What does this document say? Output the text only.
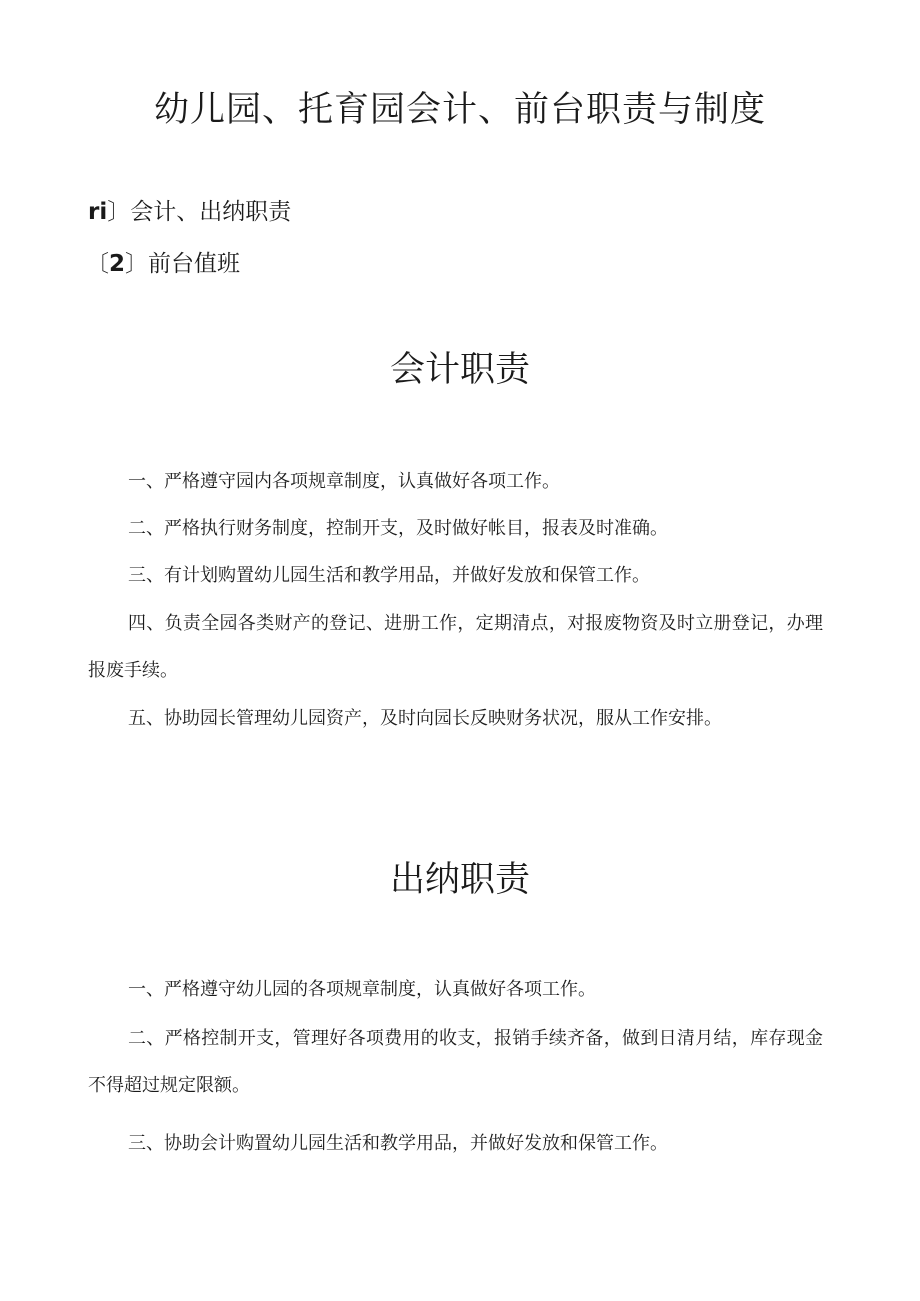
幼儿园、托育园会计、前台职责与制度
ri〕会计、出纳职责
〔2〕前台值班
会计职责

一、严格遵守园内各项规章制度，认真做好各项工作。

二、严格执行财务制度，控制开支，及时做好帐目，报表及时准确。

三、有计划购置幼儿园生活和教学用品，并做好发放和保管工作。

四、负责全园各类财产的登记、进册工作，定期清点，对报废物资及时立册登记，办理报废手续。

五、协助园长管理幼儿园资产，及时向园长反映财务状况，服从工作安排。

出纳职责

一、严格遵守幼儿园的各项规章制度，认真做好各项工作。

二、严格控制开支，管理好各项费用的收支，报销手续齐备，做到日清月结，库存现金不得超过规定限额。

三、协助会计购置幼儿园生活和教学用品，并做好发放和保管工作。
